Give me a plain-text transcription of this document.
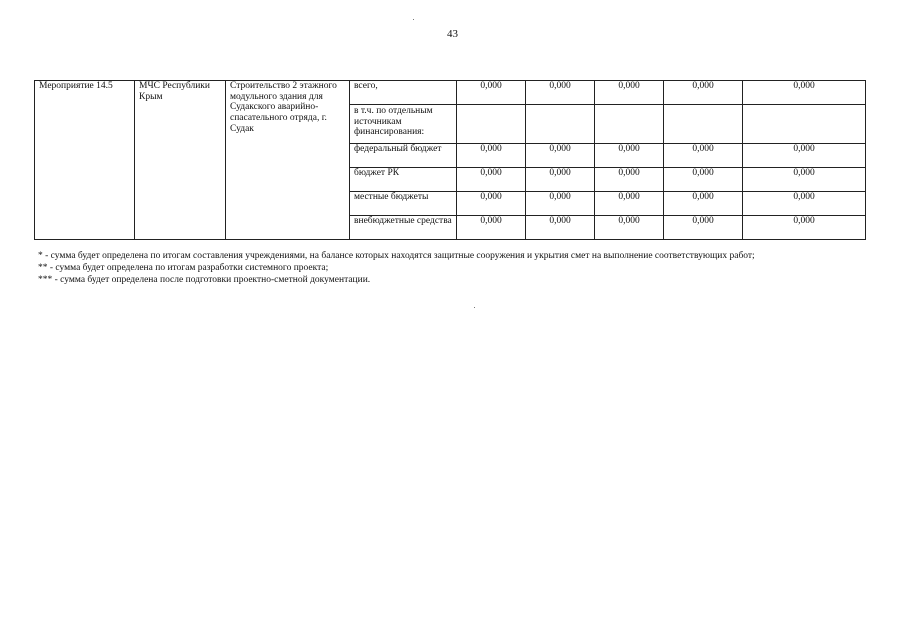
43
Мероприятие 14.5	МЧС Республики Крым	Строительство 2 этажного модульного здания для Судакского аварийно-спасательного отряда, г. Судак	всего,	0,000	0,000	0,000	0,000	0,000
			в т.ч. по отдельным источникам финансирования:					
			федеральный бюджет	0,000	0,000	0,000	0,000	0,000
			бюджет РК	0,000	0,000	0,000	0,000	0,000
			местные бюджеты	0,000	0,000	0,000	0,000	0,000
			внебюджетные средства	0,000	0,000	0,000	0,000	0,000
* - сумма будет определена по итогам составления учреждениями, на балансе которых находятся защитные сооружения и укрытия смет на выполнение соответствующих работ;
** - сумма будет определена по итогам разработки системного проекта;
*** - сумма будет определена после подготовки проектно-сметной документации.
